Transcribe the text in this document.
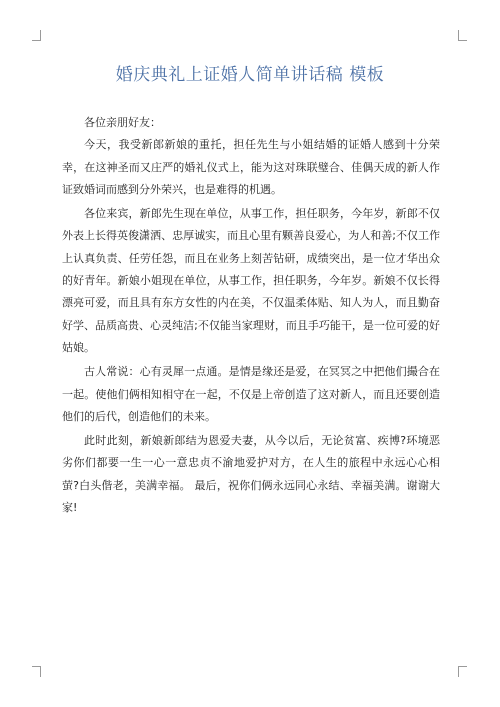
婚庆典礼上证婚人简单讲话稿 模板

各位亲朋好友：

今天，我受新郎新娘的重托，担任先生与小姐结婚的证婚人感到十分荣幸，在这神圣而又庄严的婚礼仪式上，能为这对珠联璧合、佳偶天成的新人作证致婚词而感到分外荣兴，也是难得的机遇。

各位来宾，新郎先生现在单位，从事工作，担任职务，今年岁，新郎不仅外表上长得英俊潇洒、忠厚诚实，而且心里有颗善良爱心，为人和善;不仅工作上认真负责、任劳任怨，而且在业务上刻苦钻研，成绩突出，是一位才华出众的好青年。新娘小姐现在单位，从事工作，担任职务，今年岁。新娘不仅长得漂亮可爱，而且具有东方女性的内在美，不仅温柔体贴、知人为人，而且勤奋好学、品质高贵、心灵纯洁;不仅能当家理财，而且手巧能干，是一位可爱的好姑娘。

古人常说：心有灵犀一点通。是情是缘还是爱，在冥冥之中把他们撮合在一起。使他们俩相知相守在一起，不仅是上帝创造了这对新人，而且还要创造他们的后代，创造他们的未来。

此时此刻，新娘新郎结为恩爱夫妻，从今以后，无论贫富、疾博?环境恶劣你们都要一生一心一意忠贞不渝地爱护对方，在人生的旅程中永远心心相萤?白头偕老，美满幸福。 最后，祝你们俩永远同心永结、幸福美满。谢谢大家!
